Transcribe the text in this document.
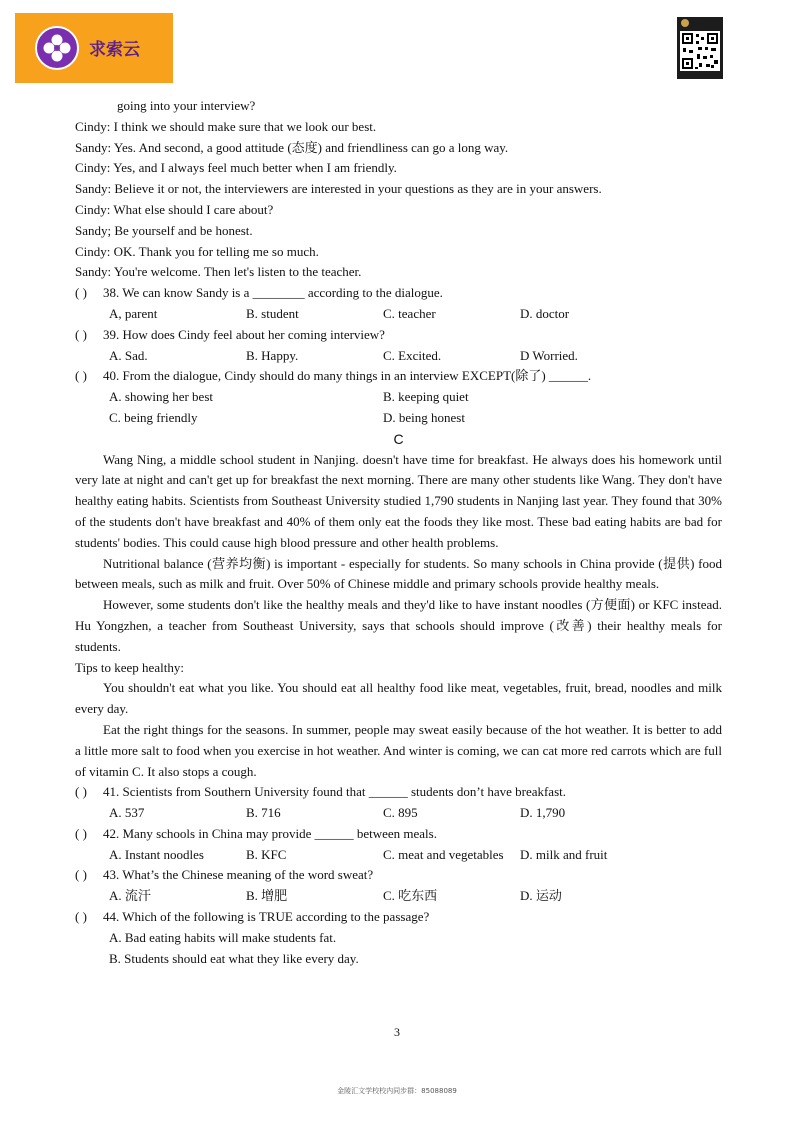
求索云
going into your interview?
Cindy: I think we should make sure that we look our best.
Sandy: Yes. And second, a good attitude (态度) and friendliness can go a long way.
Cindy: Yes, and I always feel much better when I am friendly.
Sandy: Believe it or not, the interviewers are interested in your questions as they are in your answers.
Cindy: What else should I care about?
Sandy; Be yourself and be honest.
Cindy: OK. Thank you for telling me so much.
Sandy: You're welcome. Then let's listen to the teacher.
( ) 38. We can know Sandy is a ________ according to the dialogue.
A, parent	B. student	C. teacher	D. doctor
( ) 39. How does Cindy feel about her coming interview?
A. Sad.	B. Happy.	C. Excited.	D Worried.
( ) 40. From the dialogue, Cindy should do many things in an interview EXCEPT(除了) ______.
A. showing her best	B. keeping quiet
C. being friendly	D. being honest
C
Wang Ning, a middle school student in Nanjing. doesn't have time for breakfast. He always does his homework until very late at night and can't get up for breakfast the next morning. There are many other students like Wang. They don't have healthy eating habits. Scientists from Southeast University studied 1,790 students in Nanjing last year. They found that 30% of the students don't have breakfast and 40% of them only eat the foods they like most. These bad eating habits are bad for students' bodies. This could cause high blood pressure and other health problems.
Nutritional balance (营养均衡) is important - especially for students. So many schools in China provide (提供) food between meals, such as milk and fruit. Over 50% of Chinese middle and primary schools provide healthy meals.
However, some students don't like the healthy meals and they'd like to have instant noodles (方便面) or KFC instead. Hu Yongzhen, a teacher from Southeast University, says that schools should improve (改善) their healthy meals for students.
Tips to keep healthy:
You shouldn't eat what you like. You should eat all healthy food like meat, vegetables, fruit, bread, noodles and milk every day.
Eat the right things for the seasons. In summer, people may sweat easily because of the hot weather. It is better to add a little more salt to food when you exercise in hot weather. And winter is coming, we can cat more red carrots which are full of vitamin C. It also stops a cough.
( ) 41. Scientists from Southern University found that ______ students don’t have breakfast.
A. 537	B. 716	C. 895	D. 1,790
( ) 42. Many schools in China may provide ______ between meals.
A. Instant noodles	B. KFC	C. meat and vegetables	D. milk and fruit
( ) 43. What’s the Chinese meaning of the word sweat?
A. 流汗	B. 增肥	C. 吃东西	D. 运动
( ) 44. Which of the following is TRUE according to the passage?
A. Bad eating habits will make students fat.
B. Students should eat what they like every day.
3
金陵汇文学校校内同步群：85088089
